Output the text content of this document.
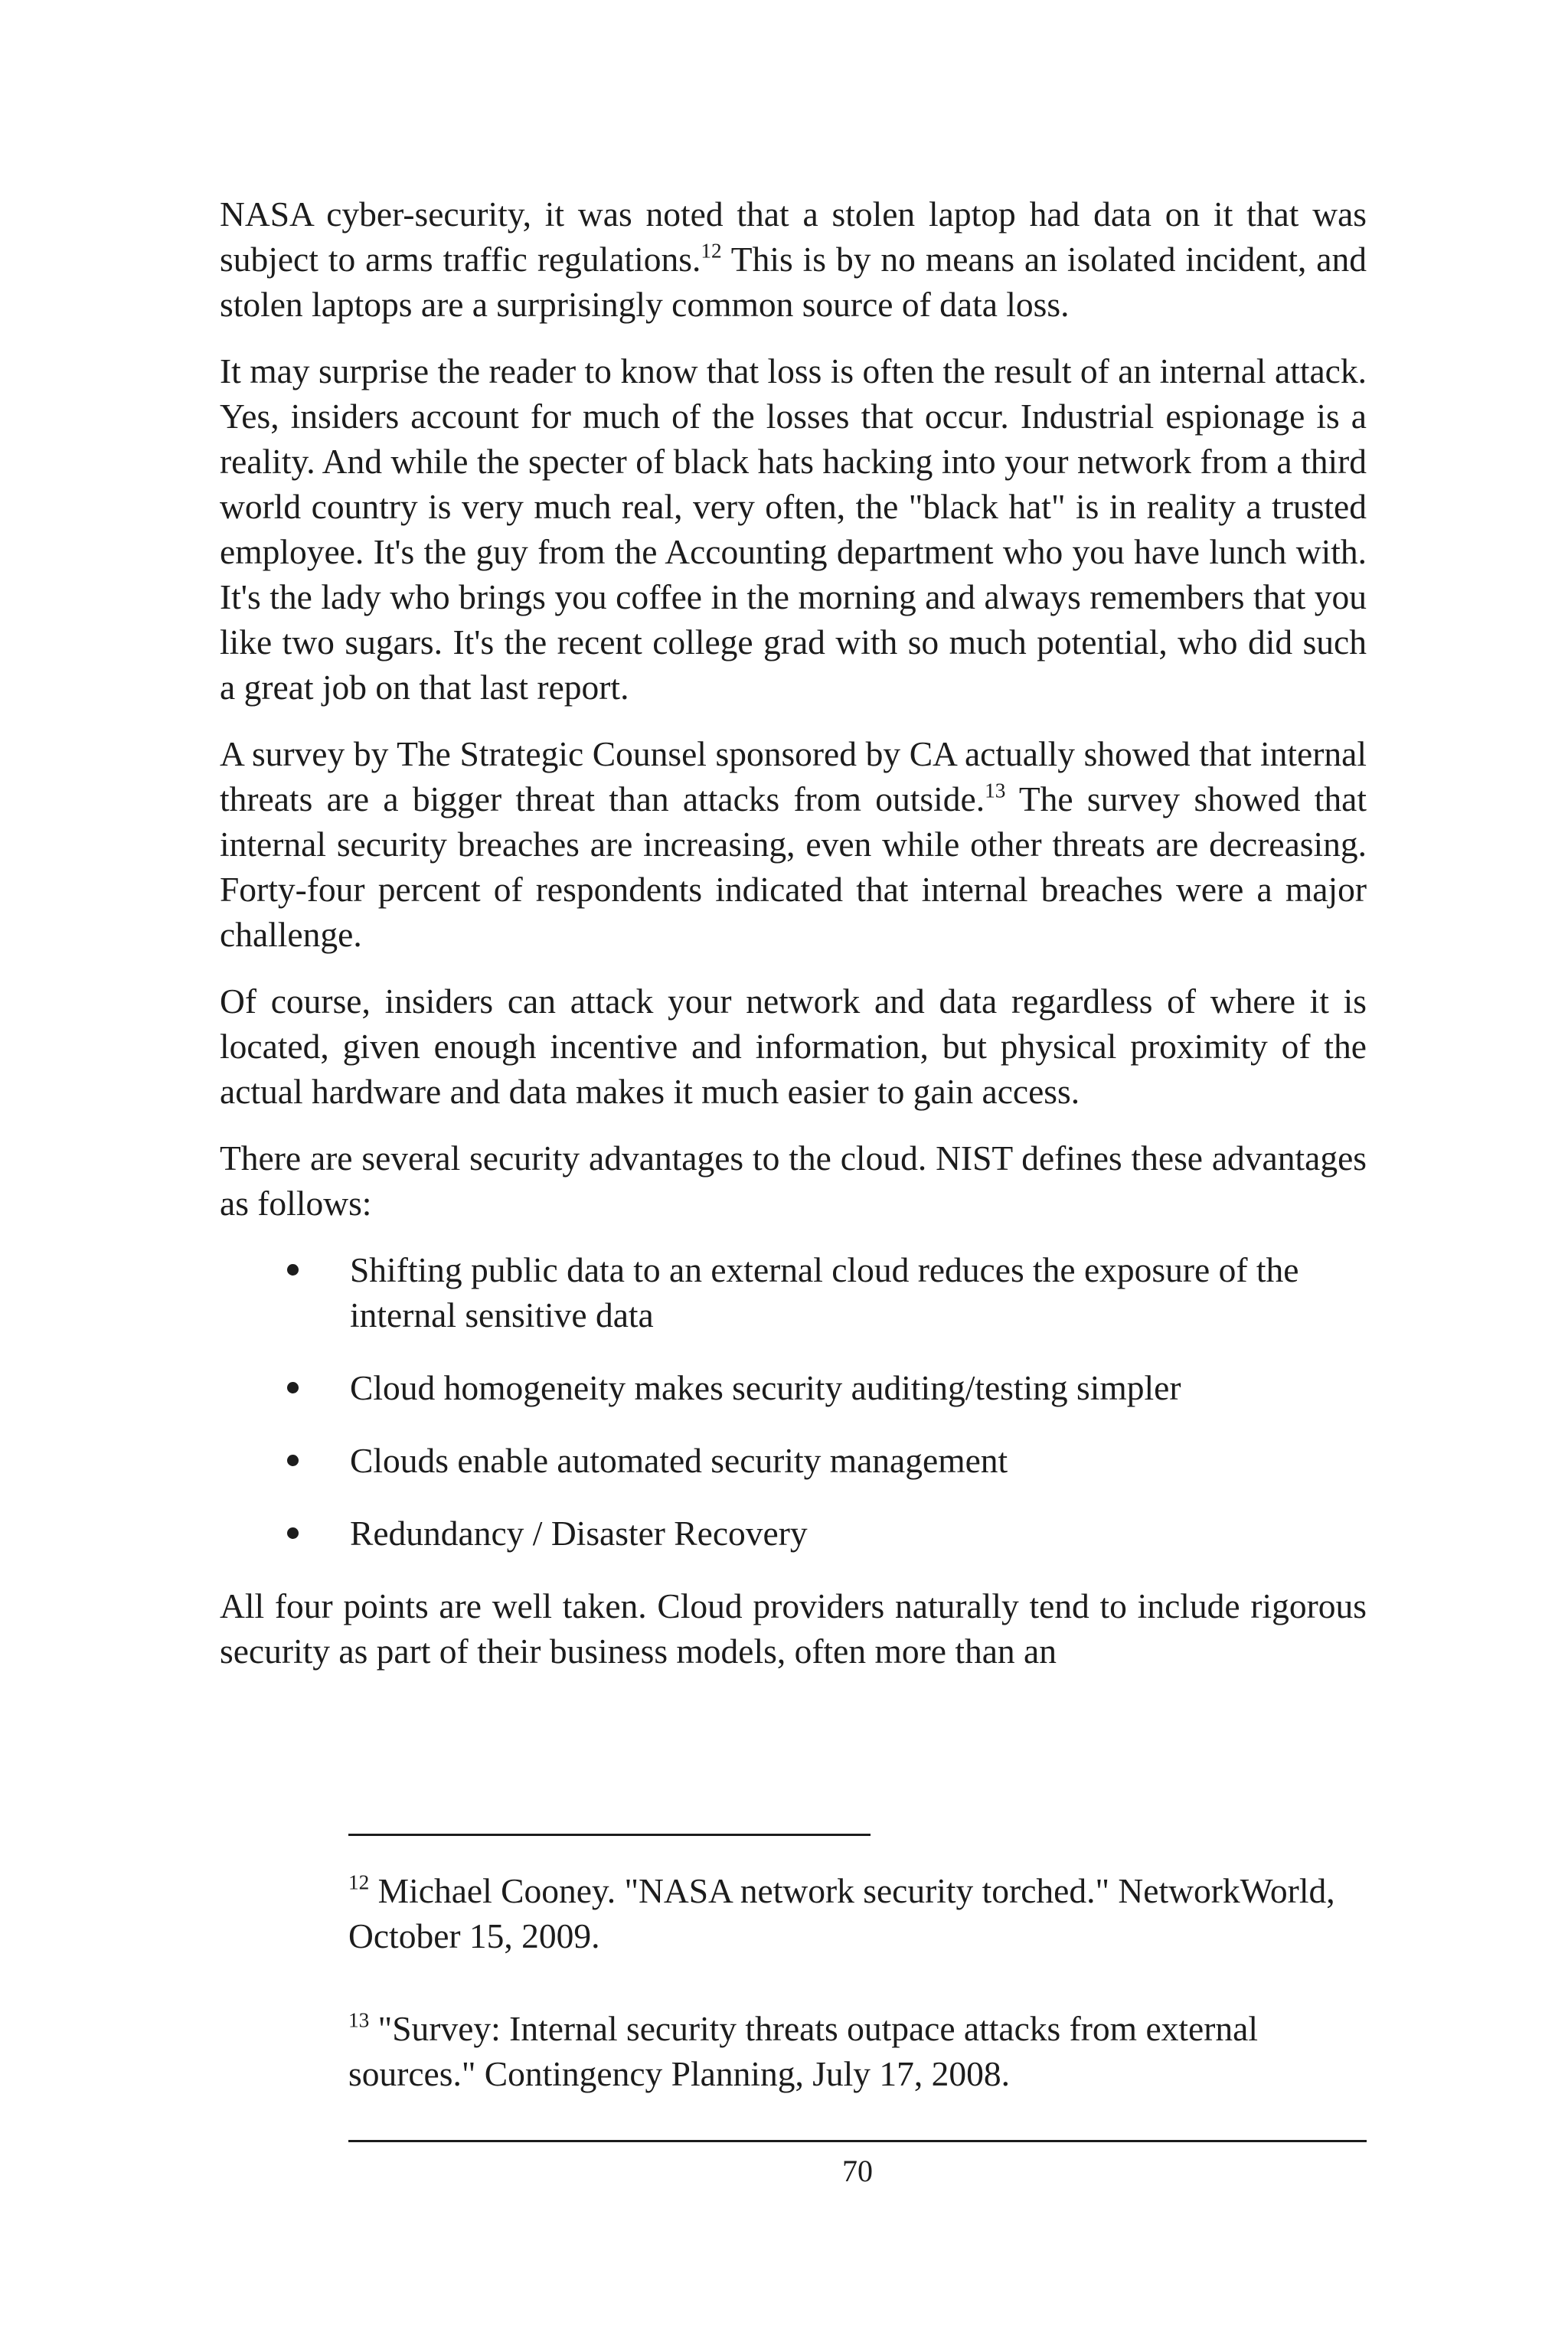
NASA cyber-security, it was noted that a stolen laptop had data on it that was subject to arms traffic regulations.$^{12}$ This is by no means an isolated incident, and stolen laptops are a surprisingly common source of data loss.

It may surprise the reader to know that loss is often the result of an internal attack. Yes, insiders account for much of the losses that occur. Industrial espionage is a reality. And while the specter of black hats hacking into your network from a third world country is very much real, very often, the "black hat" is in reality a trusted employee. It's the guy from the Accounting department who you have lunch with. It's the lady who brings you coffee in the morning and always remembers that you like two sugars. It's the recent college grad with so much potential, who did such a great job on that last report.

A survey by The Strategic Counsel sponsored by CA actually showed that internal threats are a bigger threat than attacks from outside.$^{13}$ The survey showed that internal security breaches are increasing, even while other threats are decreasing. Forty-four percent of respondents indicated that internal breaches were a major challenge.

Of course, insiders can attack your network and data regardless of where it is located, given enough incentive and information, but physical proximity of the actual hardware and data makes it much easier to gain access.

There are several security advantages to the cloud. NIST defines these advantages as follows:

Shifting public data to an external cloud reduces the exposure of the internal sensitive data
Cloud homogeneity makes security auditing/testing simpler
Clouds enable automated security management
Redundancy / Disaster Recovery

All four points are well taken. Cloud providers naturally tend to include rigorous security as part of their business models, often more than an

$^{12}$ Michael Cooney. "NASA network security torched." NetworkWorld, October 15, 2009.

$^{13}$ "Survey: Internal security threats outpace attacks from external sources." Contingency Planning, July 17, 2008.

70
